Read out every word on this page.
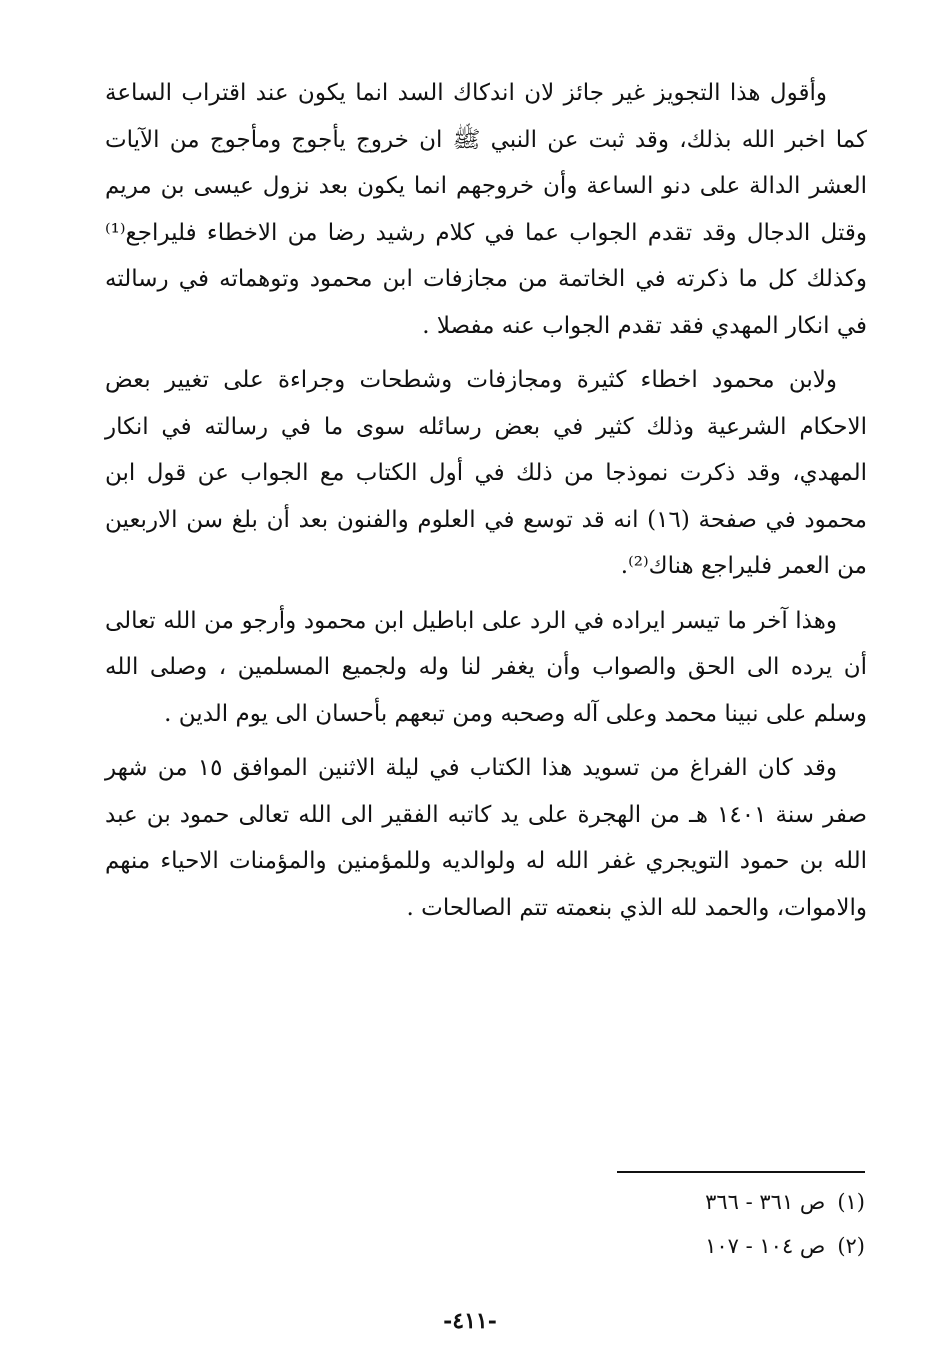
وأقول هذا التجويز غير جائز لان اندكاك السد انما يكون عند اقتراب الساعة كما اخبر الله بذلك، وقد ثبت عن النبي ﷺ ان خروج يأجوج ومأجوج من الآيات العشر الدالة على دنو الساعة وأن خروجهم انما يكون بعد نزول عيسى بن مريم وقتل الدجال وقد تقدم الجواب عما في كلام رشيد رضا من الاخطاء فليراجع⁽¹⁾ وكذلك كل ما ذكرته في الخاتمة من مجازفات ابن محمود وتوهماته في رسالته في انكار المهدي فقد تقدم الجواب عنه مفصلا .

ولابن محمود اخطاء كثيرة ومجازفات وشطحات وجراءة على تغيير بعض الاحكام الشرعية وذلك كثير في بعض رسائله سوى ما في رسالته في انكار المهدي، وقد ذكرت نموذجا من ذلك في أول الكتاب مع الجواب عن قول ابن محمود في صفحة (١٦) انه قد توسع في العلوم والفنون بعد أن بلغ سن الاربعين من العمر فليراجع هناك⁽²⁾.

وهذا آخر ما تيسر ايراده في الرد على اباطيل ابن محمود وأرجو من الله تعالى أن يرده الى الحق والصواب وأن يغفر لنا وله ولجميع المسلمين ، وصلى الله وسلم على نبينا محمد وعلى آله وصحبه ومن تبعهم بأحسان الى يوم الدين .

وقد كان الفراغ من تسويد هذا الكتاب في ليلة الاثنين الموافق ١٥ من شهر صفر سنة ١٤٠١ هـ من الهجرة على يد كاتبه الفقير الى الله تعالى حمود بن عبد الله بن حمود التويجري غفر الله له ولوالديه وللمؤمنين والمؤمنات الاحياء منهم والاموات، والحمد لله الذي بنعمته تتم الصالحات .

(١)ص ٣٦١ - ٣٦٦
(٢)ص ١٠٤ - ١٠٧
-٤١١-
